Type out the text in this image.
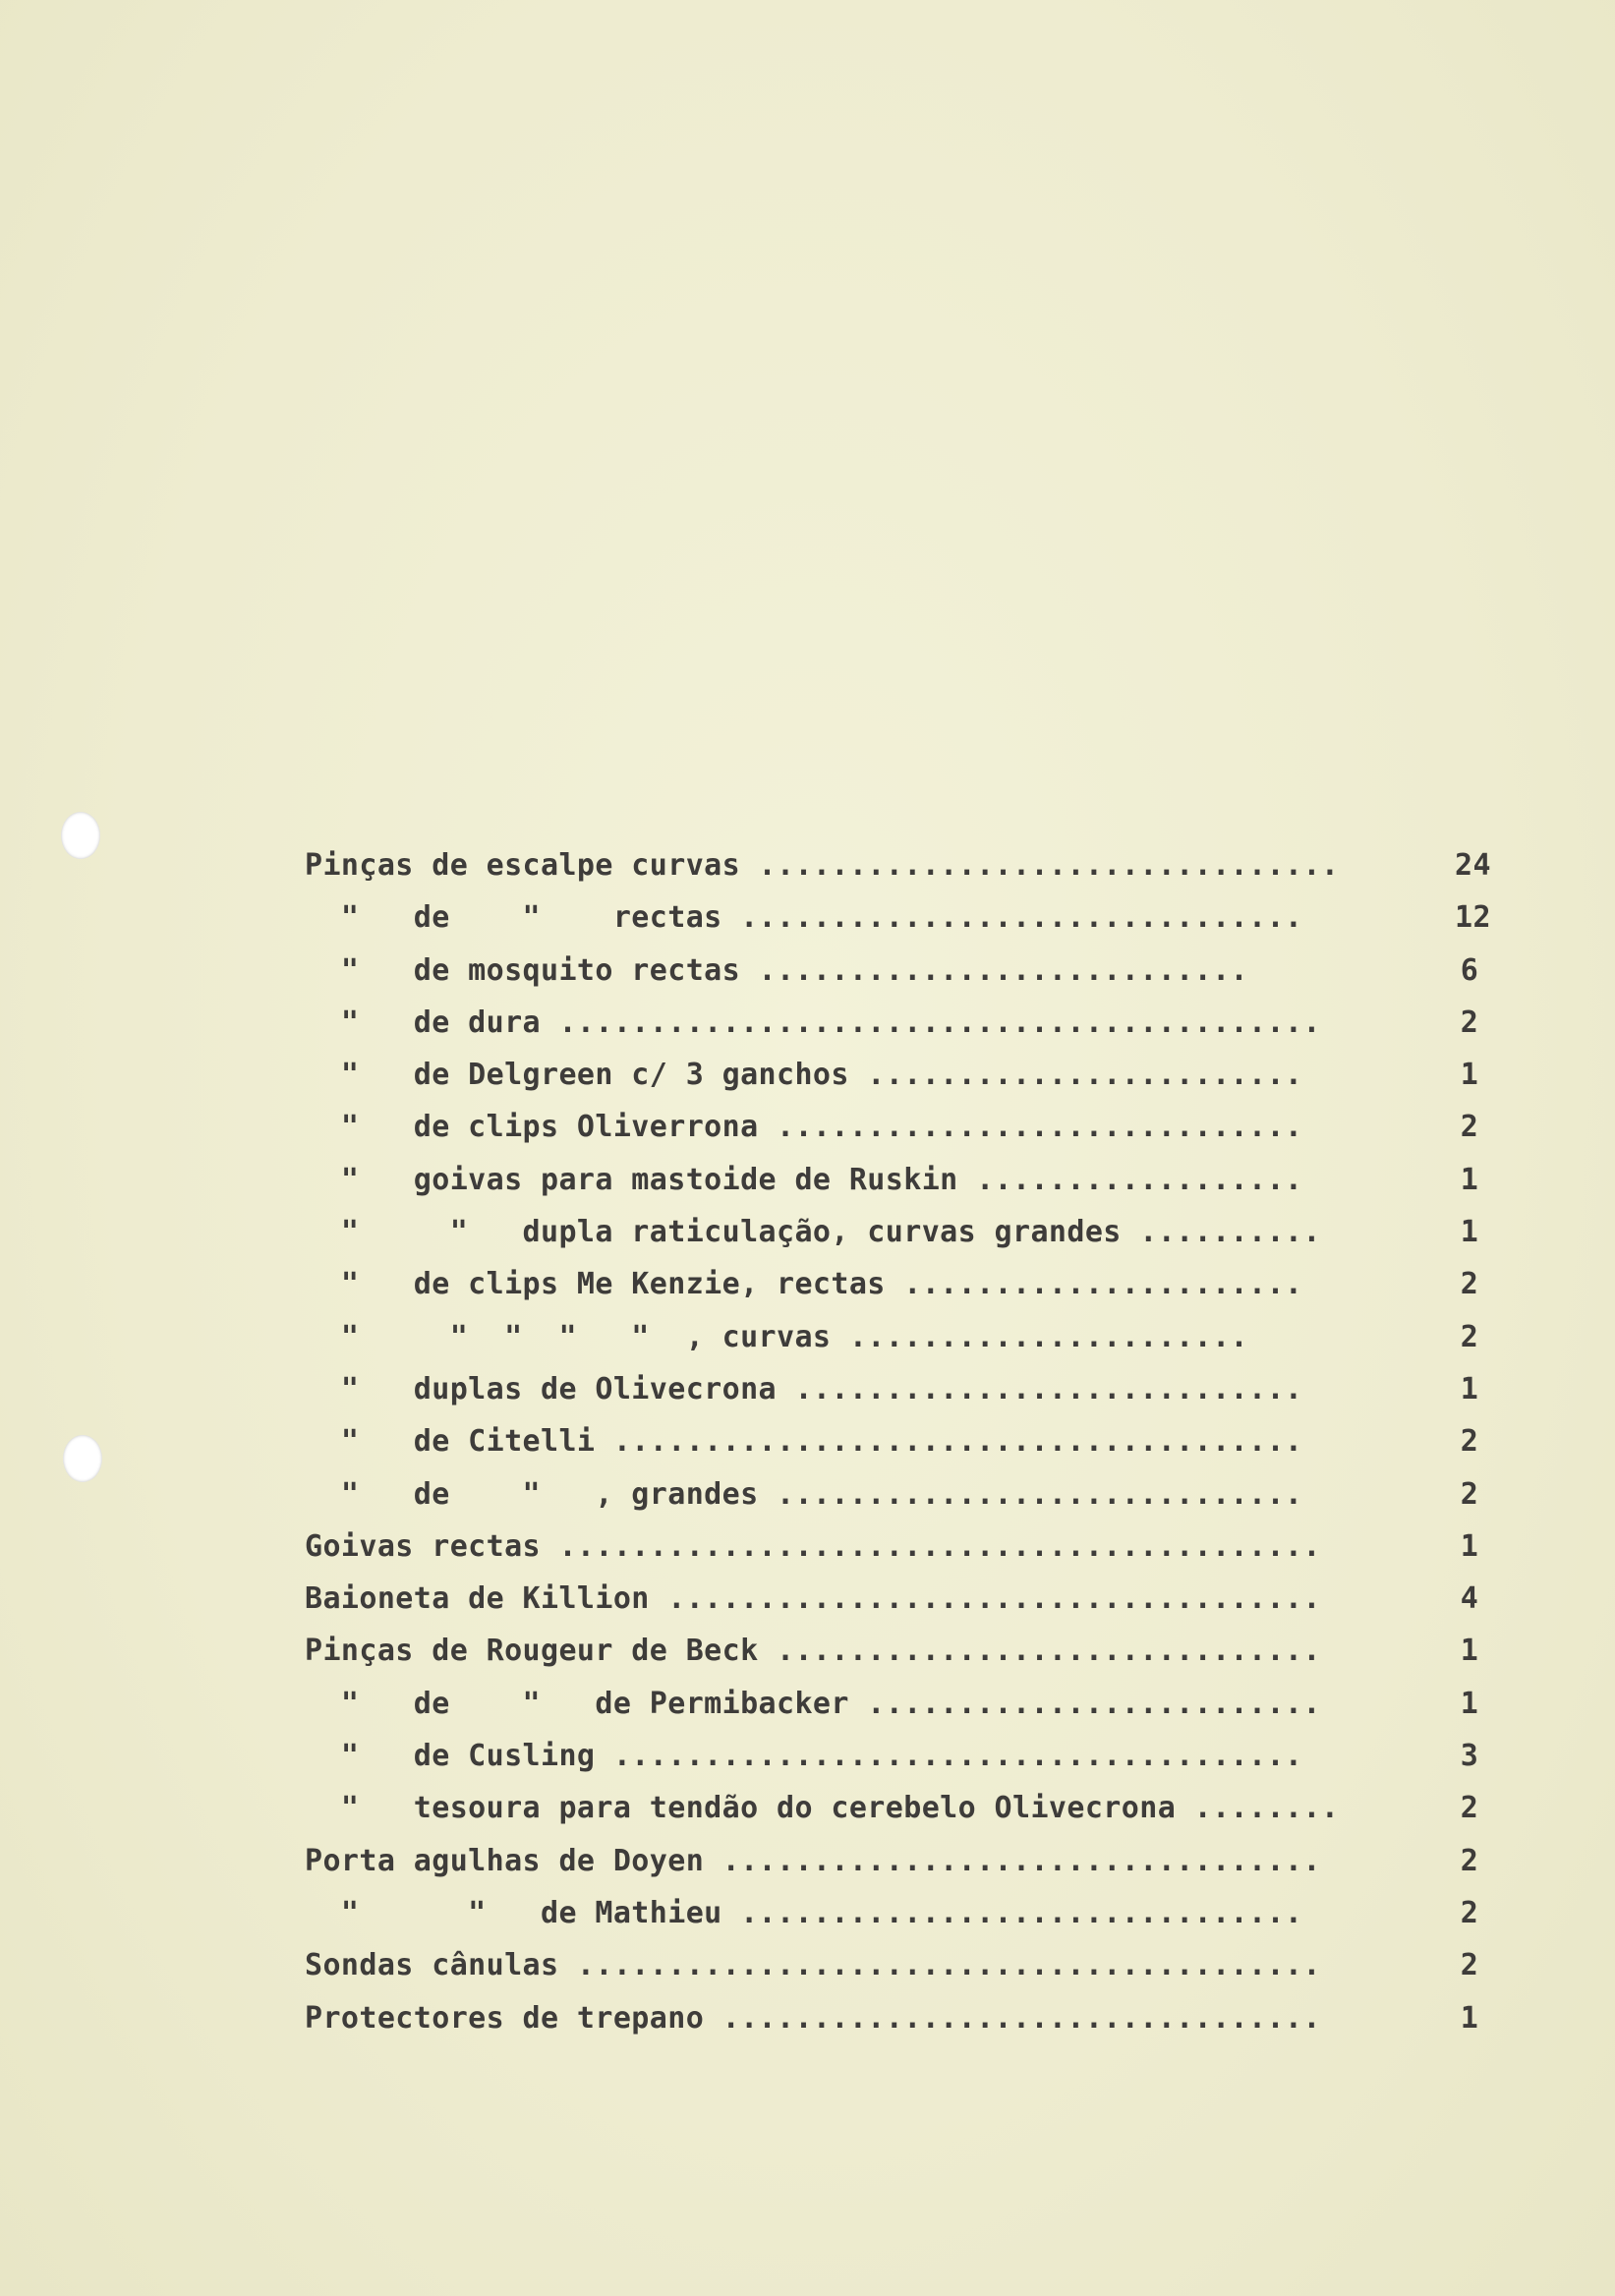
Pinças de escalpe curvas ................................	24
"   de    "    rectas ...............................	12
"   de mosquito rectas ...........................	6
"   de dura ..........................................	2
"   de Delgreen c/ 3 ganchos ........................	1
"   de clips Oliverrona .............................	2
"   goivas para mastoide de Ruskin ..................	1
"     "   dupla raticulação, curvas grandes ..........	1
"   de clips Me Kenzie, rectas ......................	2
"     "  "  "   "  , curvas ......................	2
"   duplas de Olivecrona ............................	1
"   de Citelli ......................................	2
"   de    "   , grandes .............................	2
Goivas rectas ..........................................	1
Baioneta de Killion ....................................	4
Pinças de Rougeur de Beck ..............................	1
"   de    "   de Permibacker .........................	1
"   de Cusling ......................................	3
"   tesoura para tendão do cerebelo Olivecrona ........	2
Porta agulhas de Doyen .................................	2
"      "   de Mathieu ...............................	2
Sondas cânulas .........................................	2
Protectores de trepano .................................	1
